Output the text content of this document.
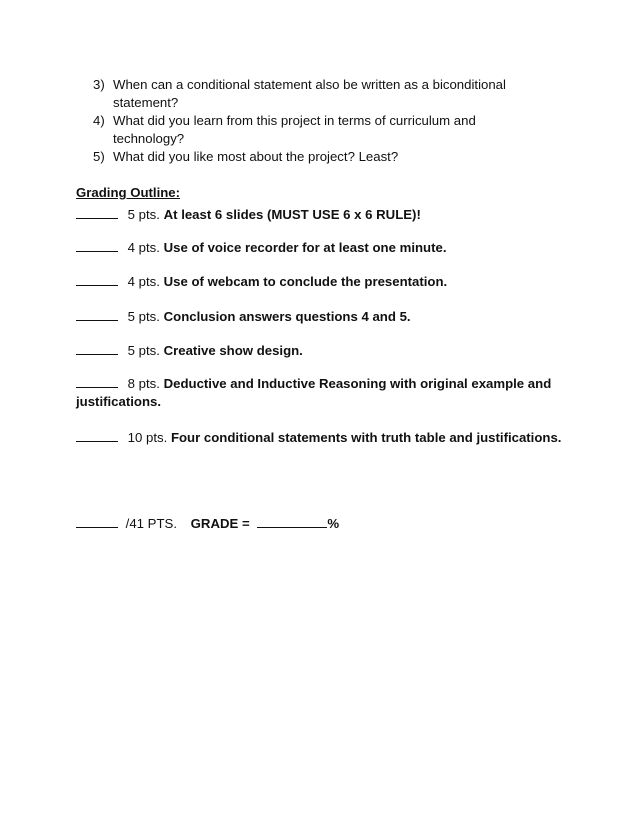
3) When can a conditional statement also be written as a biconditional statement?
4) What did you learn from this project in terms of curriculum and technology?
5) What did you like most about the project? Least?
Grading Outline:
5 pts. At least 6 slides (MUST USE 6 x 6 RULE)!
4 pts. Use of voice recorder for at least one minute.
4 pts. Use of webcam to conclude the presentation.
5 pts. Conclusion answers questions 4 and 5.
5 pts. Creative show design.
8 pts. Deductive and Inductive Reasoning with original example and
justifications.
10 pts. Four conditional statements with truth table and justifications.
/41 PTS. GRADE =	%
